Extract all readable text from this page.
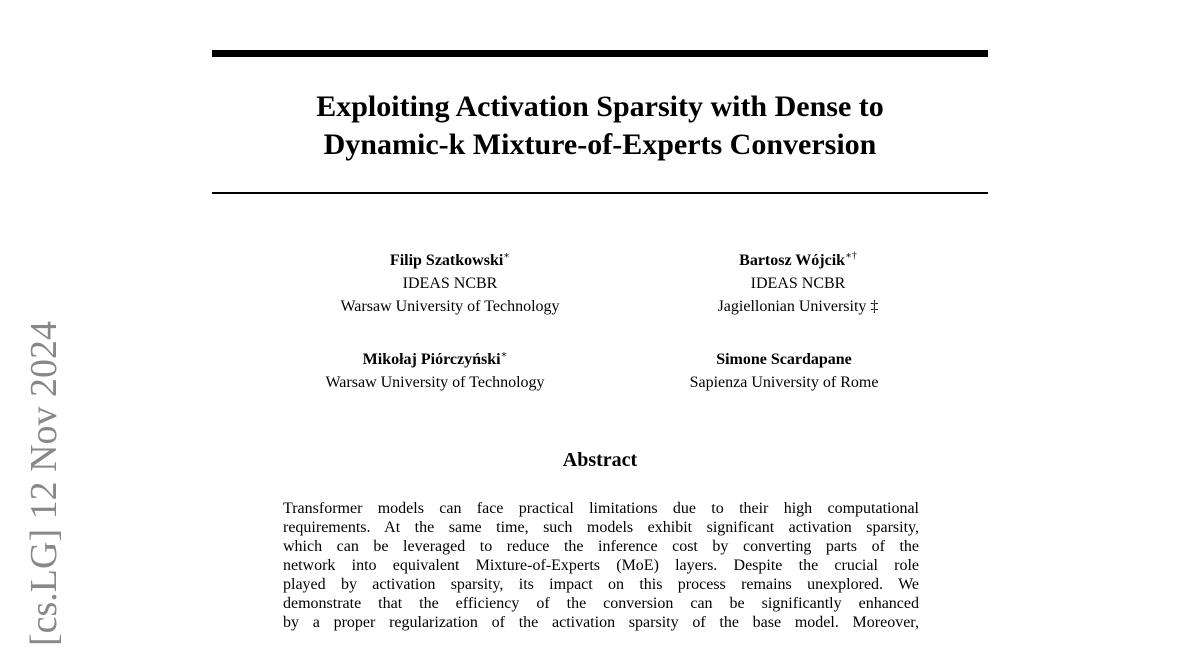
[cs.LG] 12 Nov 2024
Exploiting Activation Sparsity with Dense to
Dynamic-k Mixture-of-Experts Conversion
Filip Szatkowski∗
IDEAS NCBR
Warsaw University of Technology
Bartosz Wójcik∗†
IDEAS NCBR
Jagiellonian University ‡
Mikołaj Piórczyński∗
Warsaw University of Technology
Simone Scardapane
Sapienza University of Rome
Abstract
Transformer models can face practical limitations due to their high computational
requirements. At the same time, such models exhibit significant activation sparsity,
which can be leveraged to reduce the inference cost by converting parts of the
network into equivalent Mixture-of-Experts (MoE) layers. Despite the crucial role
played by activation sparsity, its impact on this process remains unexplored. We
demonstrate that the efficiency of the conversion can be significantly enhanced
by a proper regularization of the activation sparsity of the base model. Moreover,
